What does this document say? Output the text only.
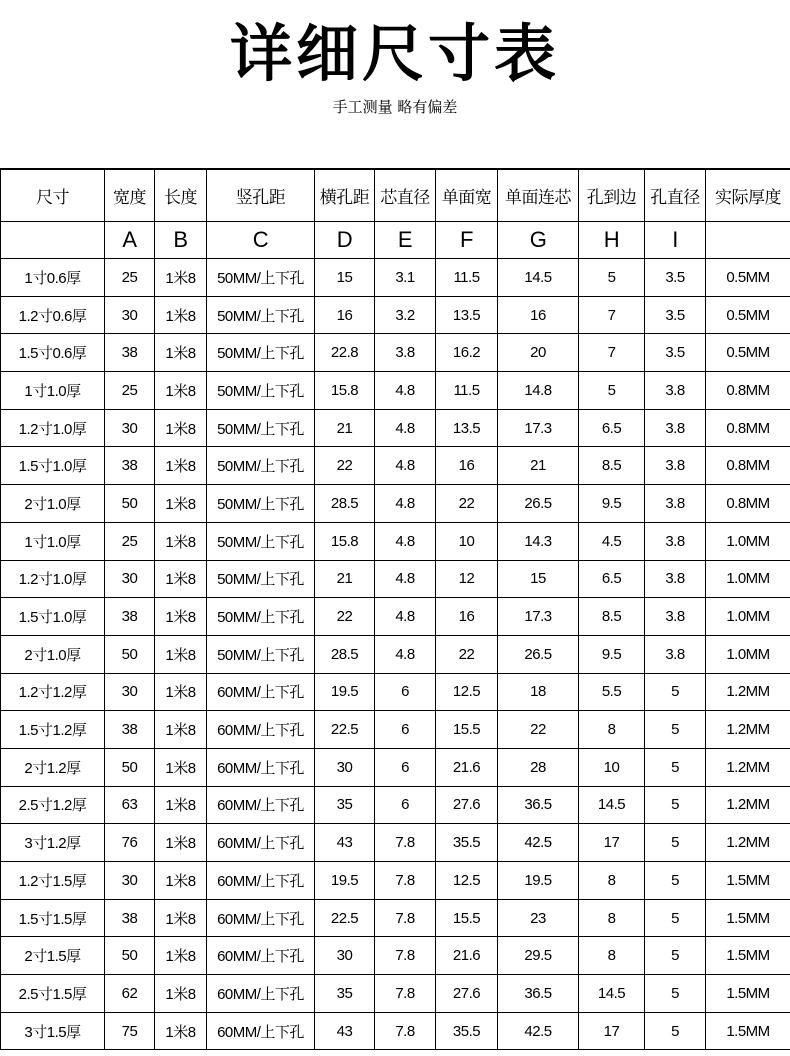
详细尺寸表
手工测量 略有偏差
尺寸	宽度	长度	竖孔距	横孔距	芯直径	单面宽	单面连芯	孔到边	孔直径	实际厚度
	A	B	C	D	E	F	G	H	I	
1寸0.6厚	25	1米8	50MM/上下孔	15	3.1	11.5	14.5	5	3.5	0.5MM
1.2寸0.6厚	30	1米8	50MM/上下孔	16	3.2	13.5	16	7	3.5	0.5MM
1.5寸0.6厚	38	1米8	50MM/上下孔	22.8	3.8	16.2	20	7	3.5	0.5MM
1寸1.0厚	25	1米8	50MM/上下孔	15.8	4.8	11.5	14.8	5	3.8	0.8MM
1.2寸1.0厚	30	1米8	50MM/上下孔	21	4.8	13.5	17.3	6.5	3.8	0.8MM
1.5寸1.0厚	38	1米8	50MM/上下孔	22	4.8	16	21	8.5	3.8	0.8MM
2寸1.0厚	50	1米8	50MM/上下孔	28.5	4.8	22	26.5	9.5	3.8	0.8MM
1寸1.0厚	25	1米8	50MM/上下孔	15.8	4.8	10	14.3	4.5	3.8	1.0MM
1.2寸1.0厚	30	1米8	50MM/上下孔	21	4.8	12	15	6.5	3.8	1.0MM
1.5寸1.0厚	38	1米8	50MM/上下孔	22	4.8	16	17.3	8.5	3.8	1.0MM
2寸1.0厚	50	1米8	50MM/上下孔	28.5	4.8	22	26.5	9.5	3.8	1.0MM
1.2寸1.2厚	30	1米8	60MM/上下孔	19.5	6	12.5	18	5.5	5	1.2MM
1.5寸1.2厚	38	1米8	60MM/上下孔	22.5	6	15.5	22	8	5	1.2MM
2寸1.2厚	50	1米8	60MM/上下孔	30	6	21.6	28	10	5	1.2MM
2.5寸1.2厚	63	1米8	60MM/上下孔	35	6	27.6	36.5	14.5	5	1.2MM
3寸1.2厚	76	1米8	60MM/上下孔	43	7.8	35.5	42.5	17	5	1.2MM
1.2寸1.5厚	30	1米8	60MM/上下孔	19.5	7.8	12.5	19.5	8	5	1.5MM
1.5寸1.5厚	38	1米8	60MM/上下孔	22.5	7.8	15.5	23	8	5	1.5MM
2寸1.5厚	50	1米8	60MM/上下孔	30	7.8	21.6	29.5	8	5	1.5MM
2.5寸1.5厚	62	1米8	60MM/上下孔	35	7.8	27.6	36.5	14.5	5	1.5MM
3寸1.5厚	75	1米8	60MM/上下孔	43	7.8	35.5	42.5	17	5	1.5MM
